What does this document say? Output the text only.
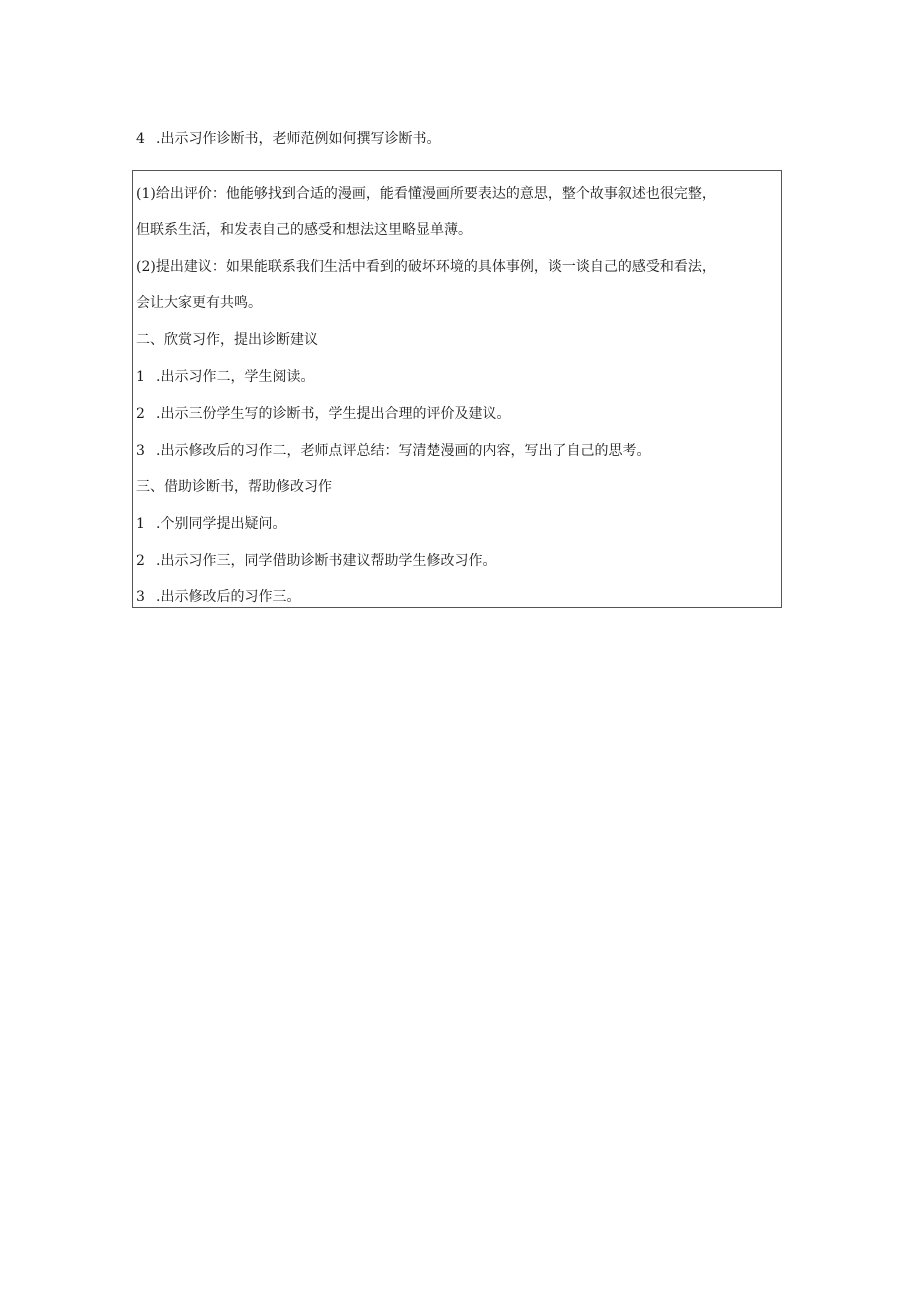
4 .出示习作诊断书，老师范例如何撰写诊断书。
(1)给出评价：他能够找到合适的漫画，能看懂漫画所要表达的意思，整个故事叙述也很完整，
但联系生活，和发表自己的感受和想法这里略显单薄。
(2)提出建议：如果能联系我们生活中看到的破坏环境的具体事例，谈一谈自己的感受和看法，
会让大家更有共鸣。
二、欣赏习作，提出诊断建议
1 .出示习作二，学生阅读。
2 .出示三份学生写的诊断书，学生提出合理的评价及建议。
3 .出示修改后的习作二，老师点评总结：写清楚漫画的内容，写出了自己的思考。
三、借助诊断书，帮助修改习作
1 .个别同学提出疑问。
2 .出示习作三，同学借助诊断书建议帮助学生修改习作。
3 .出示修改后的习作三。
